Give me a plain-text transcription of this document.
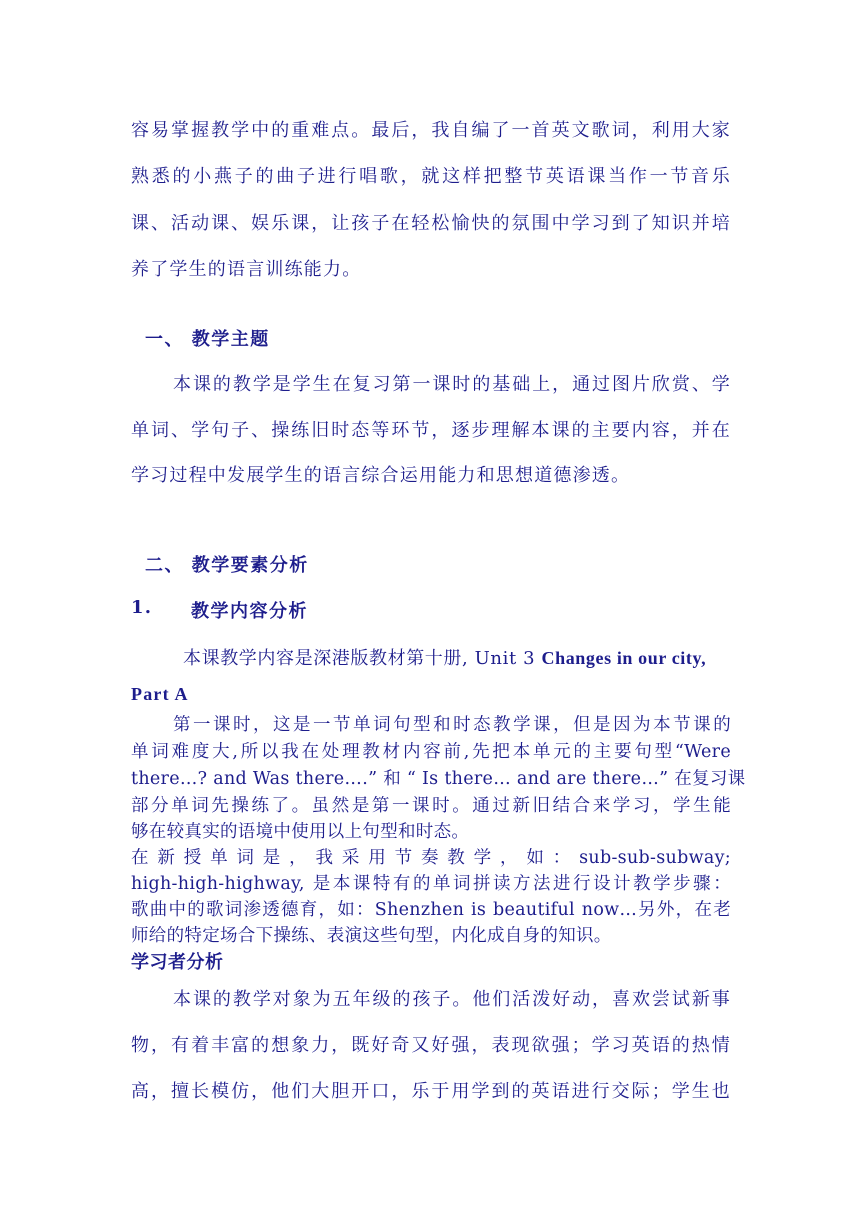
容易掌握教学中的重难点。最后，我自编了一首英文歌词，利用大家
熟悉的小燕子的曲子进行唱歌，就这样把整节英语课当作一节音乐
课、活动课、娱乐课，让孩子在轻松愉快的氛围中学习到了知识并培
养了学生的语言训练能力。
一、 教学主题
本课的教学是学生在复习第一课时的基础上，通过图片欣赏、学
单词、学句子、操练旧时态等环节，逐步理解本课的主要内容，并在
学习过程中发展学生的语言综合运用能力和思想道德渗透。
二、 教学要素分析
1.	教学内容分析
本课教学内容是深港版教材第十册, Unit 3 Changes in our city,
Part A
第一课时，这是一节单词句型和时态教学课，但是因为本节课的
单词难度大,所以我在处理教材内容前,先把本单元的主要句型“Were
there…? and Was there….” 和 “ Is there… and are there…” 在复习课
部分单词先操练了。虽然是第一课时。通过新旧结合来学习，学生能
够在较真实的语境中使用以上句型和时态。
在 新 授 单 词 是 ， 我 采 用 节 奏 教 学 ， 如 ： sub-sub-subway;
high-high-highway, 是本课特有的单词拼读方法进行设计教学步骤：
歌曲中的歌词渗透德育，如：Shenzhen is beautiful now…另外，在老
师给的特定场合下操练、表演这些句型，内化成自身的知识。
学习者分析
本课的教学对象为五年级的孩子。他们活泼好动，喜欢尝试新事
物，有着丰富的想象力，既好奇又好强，表现欲强；学习英语的热情
高，擅长模仿，他们大胆开口，乐于用学到的英语进行交际；学生也
